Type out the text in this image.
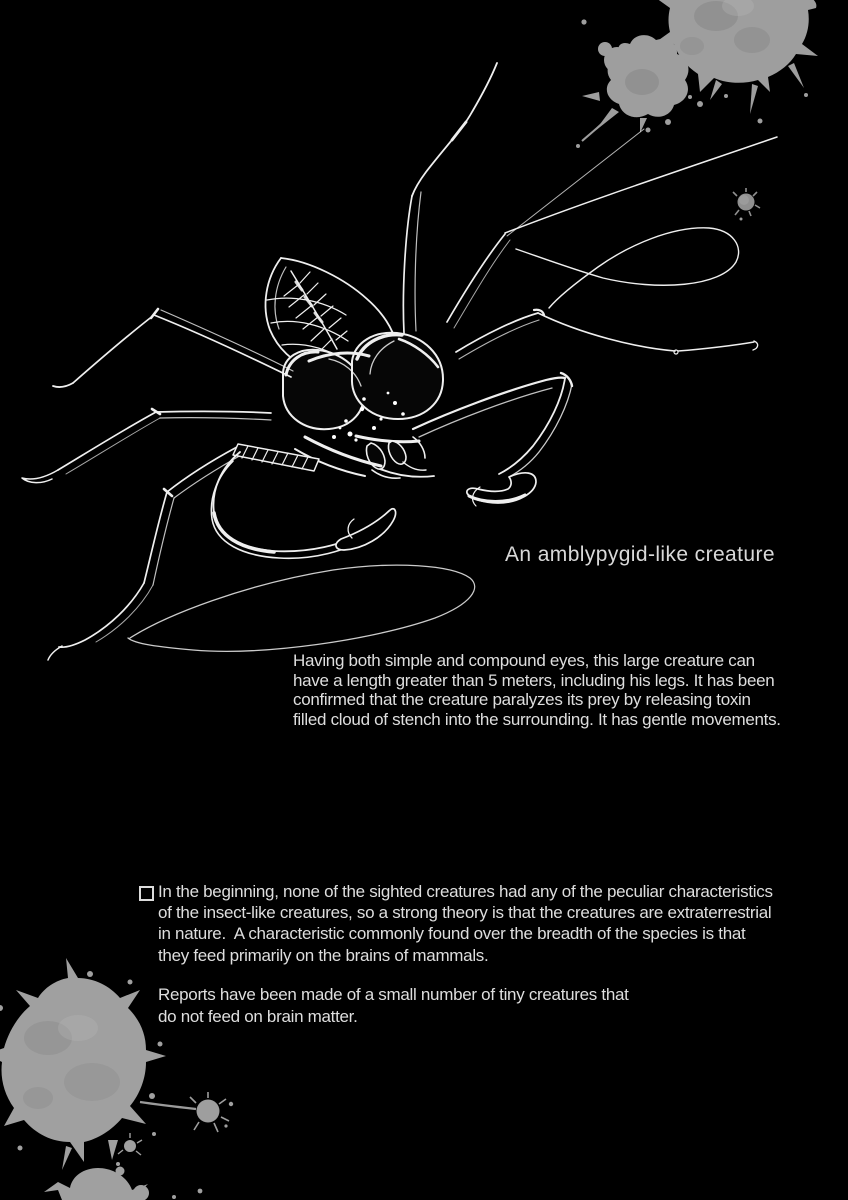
An amblypygid-like creature
Having both simple and compound eyes, this large creature can
have a length greater than 5 meters, including his legs. It has been
confirmed that the creature paralyzes its prey by releasing toxin
filled cloud of stench into the surrounding. It has gentle movements.
In the beginning, none of the sighted creatures had any of the peculiar characteristics
of the insect-like creatures, so a strong theory is that the creatures are extraterrestrial
in nature.  A characteristic commonly found over the breadth of the species is that
they feed primarily on the brains of mammals.
Reports have been made of a small number of tiny creatures that
do not feed on brain matter.
